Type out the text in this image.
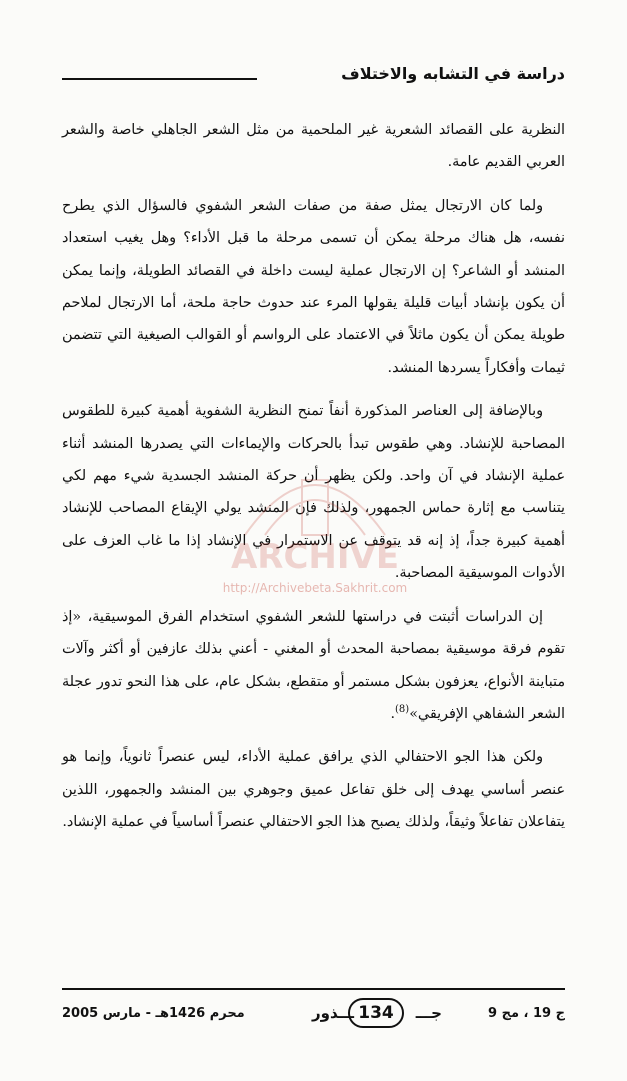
دراسة في التشابه والاختلاف

النظرية على القصائد الشعرية غير الملحمية من مثل الشعر الجاهلي خاصة والشعر العربي القديم عامة.

ولما كان الارتجال يمثل صفة من صفات الشعر الشفوي فالسؤال الذي يطرح نفسه، هل هناك مرحلة يمكن أن تسمى مرحلة ما قبل الأداء؟ وهل يغيب استعداد المنشد أو الشاعر؟ إن الارتجال عملية ليست داخلة في القصائد الطويلة، وإنما يمكن أن يكون بإنشاد أبيات قليلة يقولها المرء عند حدوث حاجة ملحة، أما الارتجال لملاحم طويلة يمكن أن يكون ماثلاً في الاعتماد على الرواسم أو القوالب الصيغية التي تتضمن ثيمات وأفكاراً يسردها المنشد.

وبالإضافة إلى العناصر المذكورة أنفاً تمنح النظرية الشفوية أهمية كبيرة للطقوس المصاحبة للإنشاد. وهي طقوس تبدأ بالحركات والإيماءات التي يصدرها المنشد أثناء عملية الإنشاد في آن واحد. ولكن يظهر أن حركة المنشد الجسدية شيء مهم لكي يتناسب مع إثارة حماس الجمهور، ولذلك فإن المنشد يولي الإيقاع المصاحب للإنشاد أهمية كبيرة جداً، إذ إنه قد يتوقف عن الاستمرار في الإنشاد إذا ما غاب العزف على الأدوات الموسيقية المصاحبة.

إن الدراسات أثبتت في دراستها للشعر الشفوي استخدام الفرق الموسيقية، «إذ تقوم فرقة موسيقية بمصاحبة المحدث أو المغني - أعني بذلك عازفين أو أكثر وآلات متباينة الأنواع، يعزفون بشكل مستمر أو متقطع، بشكل عام، على هذا النحو تدور عجلة الشعر الشفاهي الإفريقي»$^{(8)}$.

ولكن هذا الجو الاحتفالي الذي يرافق عملية الأداء، ليس عنصراً ثانوياً، وإنما هو عنصر أساسي يهدف إلى خلق تفاعل عميق وجوهري بين المنشد والجمهور، اللذين يتفاعلان تفاعلاً وثيقاً، ولذلك يصبح هذا الجو الاحتفالي عنصراً أساسياً في عملية الإنشاد.

ARCHIVE
http://Archivebeta.Sakhrit.com
ج 19 ، مج 9
جـــ
134
ـــذور
محرم 1426هـ - مارس 2005
